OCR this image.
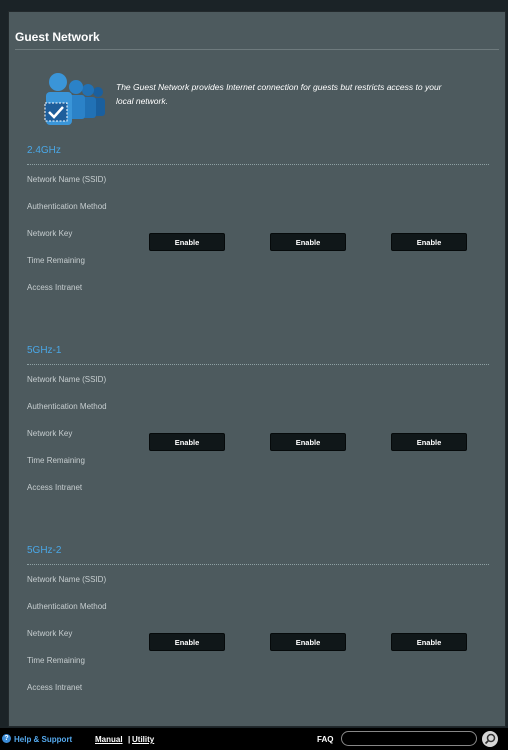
Guest Network
The Guest Network provides Internet connection for guests but restricts access to your local network.
2.4GHz
Network Name (SSID)
Authentication Method
Network Key
Time Remaining
Access Intranet
Enable	Enable	Enable
5GHz-1
Network Name (SSID)
Authentication Method
Network Key
Time Remaining
Access Intranet
Enable	Enable	Enable
5GHz-2
Network Name (SSID)
Authentication Method
Network Key
Time Remaining
Access Intranet
Enable	Enable	Enable
? Help & Support	Manual | Utility	FAQ
